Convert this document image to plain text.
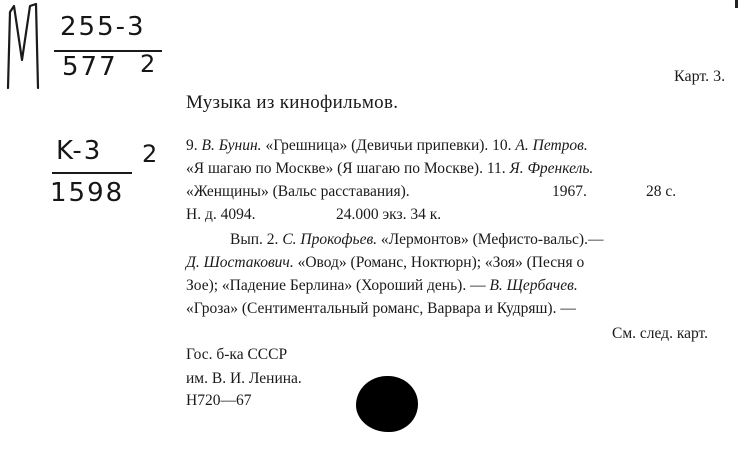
255-3
577 2
K-3 2
1598
Карт. 3.
Музыка из кинофильмов.
9. В. Бунин. «Грешница» (Девичьи припевки). 10. А. Петров.
«Я шагаю по Москве» (Я шагаю по Москве). 11. Я. Френкель.
«Женщины» (Вальс расставания).	1967.	28 с.
Н. д. 4094.	24.000 экз. 34 к.
Вып. 2. С. Прокофьев. «Лермонтов» (Мефисто-вальс).—
Д. Шостакович. «Овод» (Романс, Ноктюрн); «Зоя» (Песня о
Зое); «Падение Берлина» (Хороший день). — В. Щербачев.
«Гроза» (Сентиментальный романс, Варвара и Кудряш). —
См. след. карт.
Гос. б-ка СССР
им. В. И. Ленина.
Н720—67
